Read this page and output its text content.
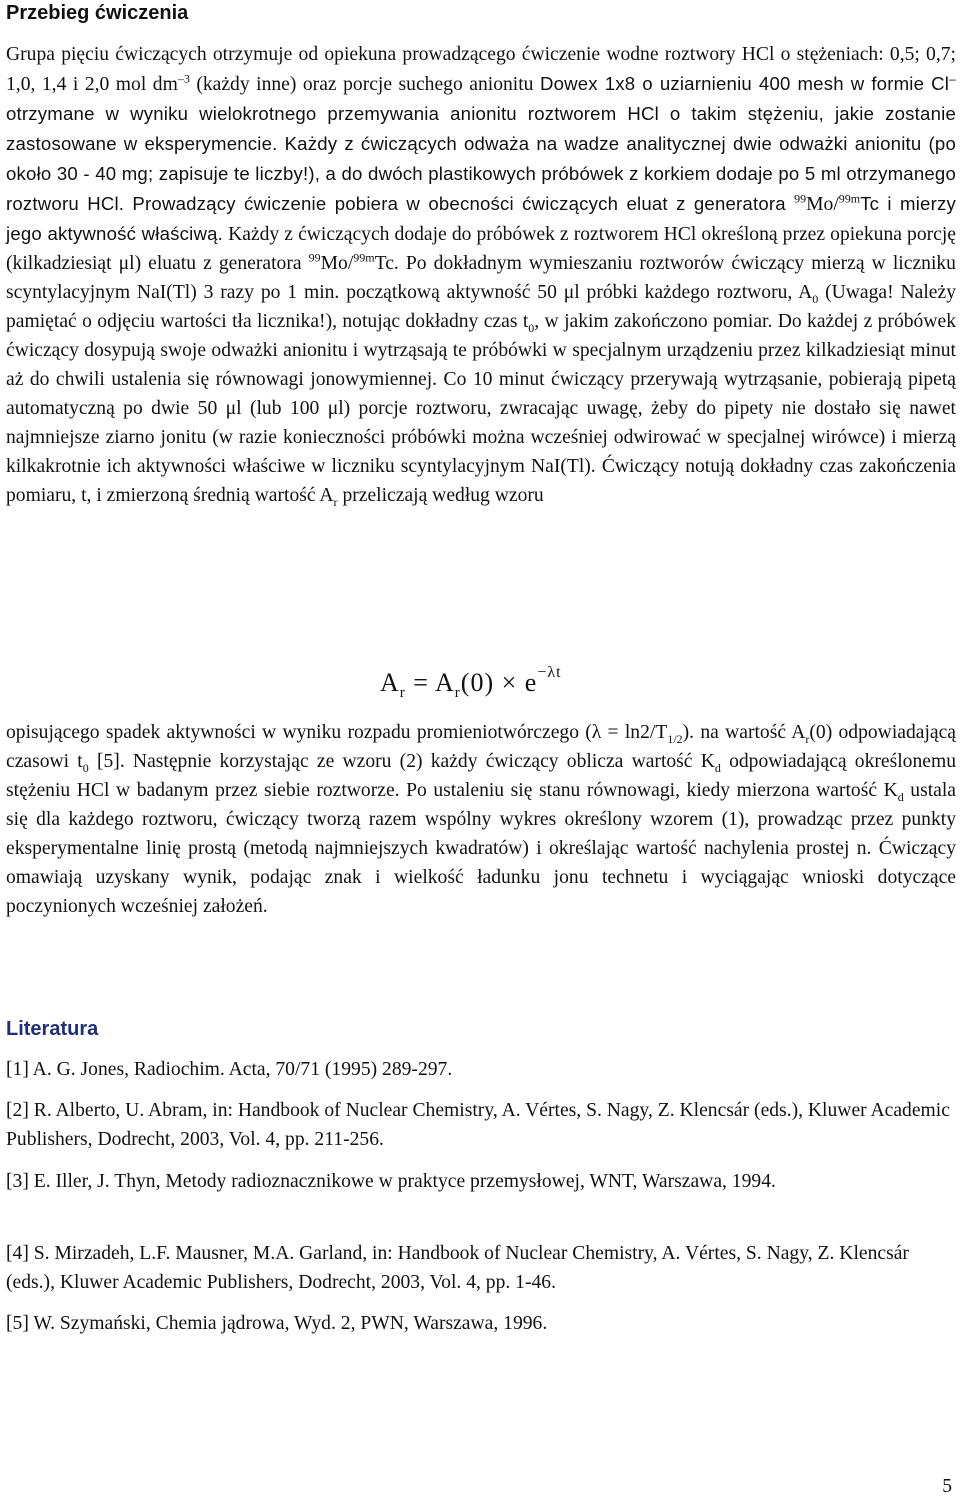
Przebieg ćwiczenia

Grupa pięciu ćwiczących otrzymuje od opiekuna prowadzącego ćwiczenie wodne roztwory HCl o stężeniach: 0,5; 0,7; 1,0, 1,4 i 2,0 mol $dm^{-3}$ (każdy inne) oraz porcje suchego anionitu Dowex 1x8 o uziarnieniu 400 mesh w formie Cl– otrzymane w wyniku wielokrotnego przemywania anionitu roztworem HCl o takim stężeniu, jakie zostanie zastosowane w eksperymencie. Każdy z ćwiczących odważa na wadze analitycznej dwie odważki anionitu (po około 30 - 40 mg; zapisuje te liczby!), a do dwóch plastikowych próbówek z korkiem dodaje po 5 ml otrzymanego roztworu HCl. Prowadzący ćwiczenie pobiera w obecności ćwiczących eluat z generatora $^{99}$Mo/$^{99m}$Tc i mierzy jego aktywność właściwą. Każdy z ćwiczących dodaje do próbówek z roztworem HCl określoną przez opiekuna porcję (kilkadziesiąt μl) eluatu z generatora $^{99}$Mo/$^{99m}$Tc. Po dokładnym wymieszaniu roztworów ćwiczący mierzą w liczniku scyntylacyjnym NaI(Tl) 3 razy po 1 min. początkową aktywność 50 μl próbki każdego roztworu, $A_0$ (Uwaga! Należy pamiętać o odjęciu wartości tła licznika!), notując dokładny czas $t_0$, w jakim zakończono pomiar. Do każdej z próbówek ćwiczący dosypują swoje odważki anionitu i wytrząsają te próbówki w specjalnym urządzeniu przez kilkadziesiąt minut aż do chwili ustalenia się równowagi jonowymiennej. Co 10 minut ćwiczący przerywają wytrząsanie, pobierają pipetą automatyczną po dwie 50 μl (lub 100 μl) porcje roztworu, zwracając uwagę, żeby do pipety nie dostało się nawet najmniejsze ziarno jonitu (w razie konieczności próbówki można wcześniej odwirować w specjalnej wirówce) i mierzą kilkakrotnie ich aktywności właściwe w liczniku scyntylacyjnym NaI(Tl). Ćwiczący notują dokładny czas zakończenia pomiaru, t, i zmierzoną średnią wartość $A_r$ przeliczają według wzoru

$A_r = A_r(0) \times e^{-\lambda t}$

opisującego spadek aktywności w wyniku rozpadu promieniotwórczego $(\lambda = \ln 2/T_{1/2})$. na wartość $A_r(0)$ odpowiadającą czasowi $t_0$ [5]. Następnie korzystając ze wzoru (2) każdy ćwiczący oblicza wartość $K_d$ odpowiadającą określonemu stężeniu HCl w badanym przez siebie roztworze. Po ustaleniu się stanu równowagi, kiedy mierzona wartość $K_d$ ustala się dla każdego roztworu, ćwiczący tworzą razem wspólny wykres określony wzorem (1), prowadząc przez punkty eksperymentalne linię prostą (metodą najmniejszych kwadratów) i określając wartość nachylenia prostej n. Ćwiczący omawiają uzyskany wynik, podając znak i wielkość ładunku jonu technetu i wyciągając wnioski dotyczące poczynionych wcześniej założeń.

Literatura

[1] A. G. Jones, Radiochim. Acta, 70/71 (1995) 289-297.

[2] R. Alberto, U. Abram, in: Handbook of Nuclear Chemistry, A. Vértes, S. Nagy, Z. Klencsár (eds.), Kluwer Academic Publishers, Dodrecht, 2003, Vol. 4, pp. 211-256.

[3] E. Iller, J. Thyn, Metody radioznacznikowe w praktyce przemysłowej, WNT, Warszawa, 1994.

[4] S. Mirzadeh, L.F. Mausner, M.A. Garland, in: Handbook of Nuclear Chemistry, A. Vértes, S. Nagy, Z. Klencsár (eds.), Kluwer Academic Publishers, Dodrecht, 2003, Vol. 4, pp. 1-46.

[5] W. Szymański, Chemia jądrowa, Wyd. 2, PWN, Warszawa, 1996.

5
